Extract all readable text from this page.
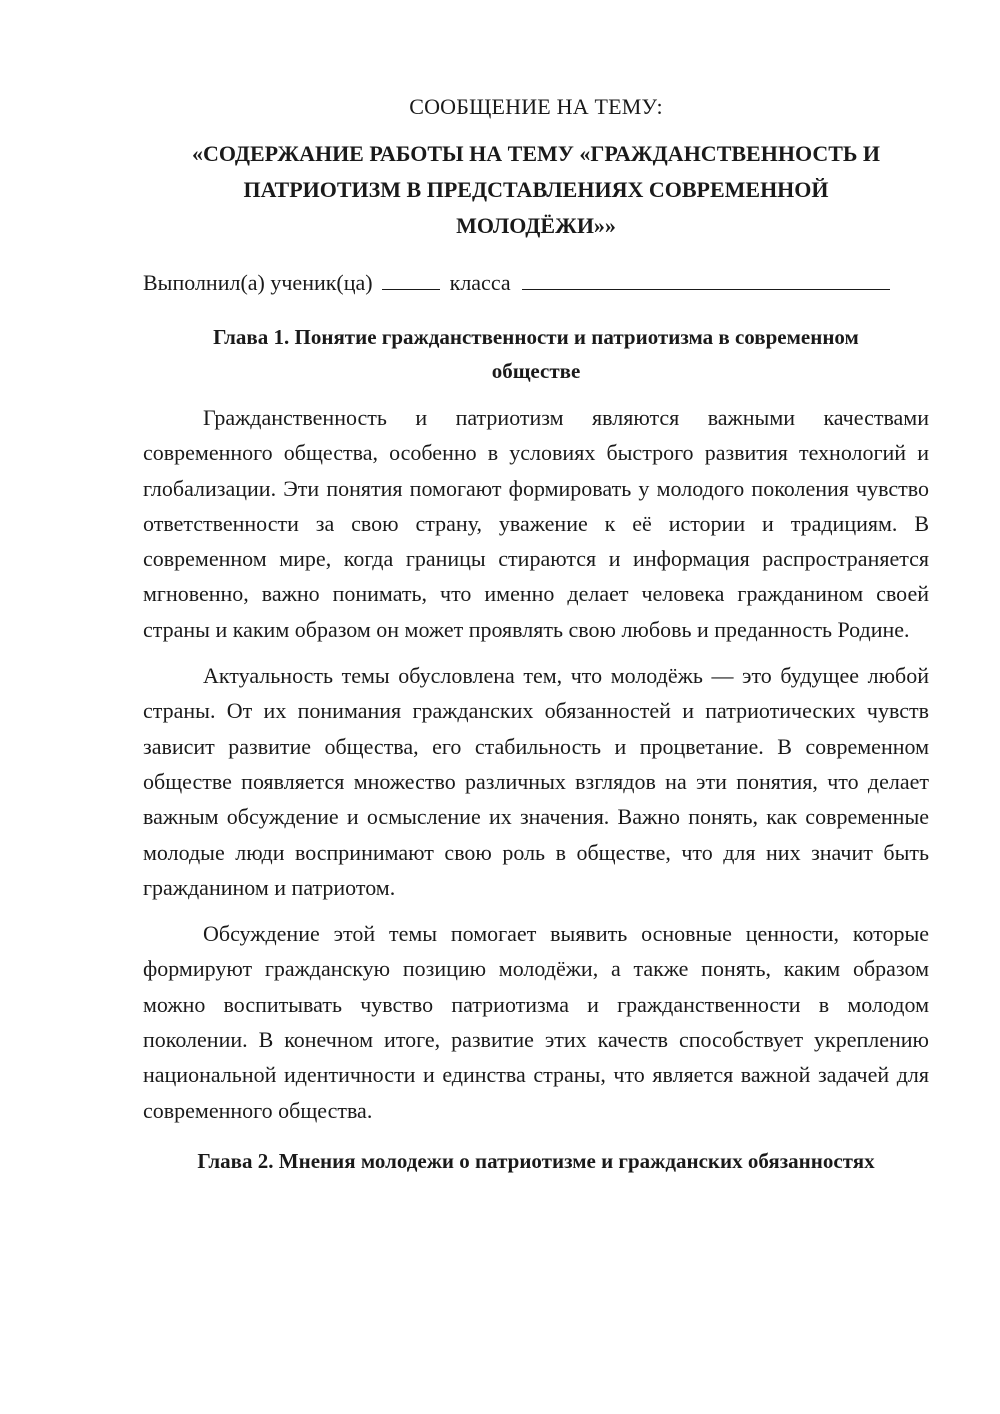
СООБЩЕНИЕ НА ТЕМУ:

«СОДЕРЖАНИЕ РАБОТЫ НА ТЕМУ «ГРАЖДАНСТВЕННОСТЬ И
ПАТРИОТИЗМ В ПРЕДСТАВЛЕНИЯХ СОВРЕМЕННОЙ
МОЛОДЁЖИ»»

Выполнил(а) ученик(ца)	класса

Глава 1. Понятие гражданственности и патриотизма в современном
обществе

Гражданственность и патриотизм являются важными качествами современного общества, особенно в условиях быстрого развития технологий и глобализации. Эти понятия помогают формировать у молодого поколения чувство ответственности за свою страну, уважение к её истории и традициям. В современном мире, когда границы стираются и информация распространяется мгновенно, важно понимать, что именно делает человека гражданином своей страны и каким образом он может проявлять свою любовь и преданность Родине.

Актуальность темы обусловлена тем, что молодёжь — это будущее любой страны. От их понимания гражданских обязанностей и патриотических чувств зависит развитие общества, его стабильность и процветание. В современном обществе появляется множество различных взглядов на эти понятия, что делает важным обсуждение и осмысление их значения. Важно понять, как современные молодые люди воспринимают свою роль в обществе, что для них значит быть гражданином и патриотом.

Обсуждение этой темы помогает выявить основные ценности, которые формируют гражданскую позицию молодёжи, а также понять, каким образом можно воспитывать чувство патриотизма и гражданственности в молодом поколении. В конечном итоге, развитие этих качеств способствует укреплению национальной идентичности и единства страны, что является важной задачей для современного общества.

Глава 2. Мнения молодежи о патриотизме и гражданских обязанностях
